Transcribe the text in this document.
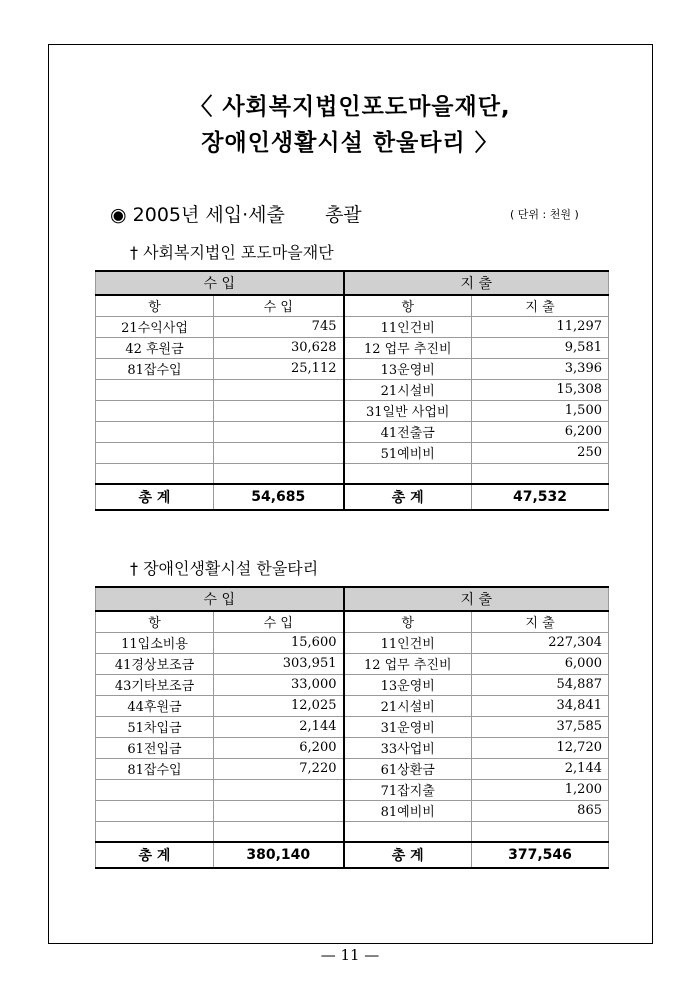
〈 사회복지법인포도마을재단,
장애인생활시설 한울타리 〉
◉ 2005년 세입·세출 총괄	( 단위 : 천원 )
† 사회복지법인 포도마을재단
수 입		지 출	
항	수 입	항	지 출
21수익사업	745	11인건비	11,297
42 후원금	30,628	12 업무 추진비	9,581
81잡수입	25,112	13운영비	3,396
		21시설비	15,308
		31일반 사업비	1,500
		41전출금	6,200
		51예비비	250

총 계	54,685	총 계	47,532
† 장애인생활시설 한울타리
수 입		지 출	
항	수 입	항	지 출
11입소비용	15,600	11인건비	227,304
41경상보조금	303,951	12 업무 추진비	6,000
43기타보조금	33,000	13운영비	54,887
44후원금	12,025	21시설비	34,841
51차입금	2,144	31운영비	37,585
61전입금	6,200	33사업비	12,720
81잡수입	7,220	61상환금	2,144
		71잡지출	1,200
		81예비비	865

총 계	380,140	총 계	377,546
— 11 —
